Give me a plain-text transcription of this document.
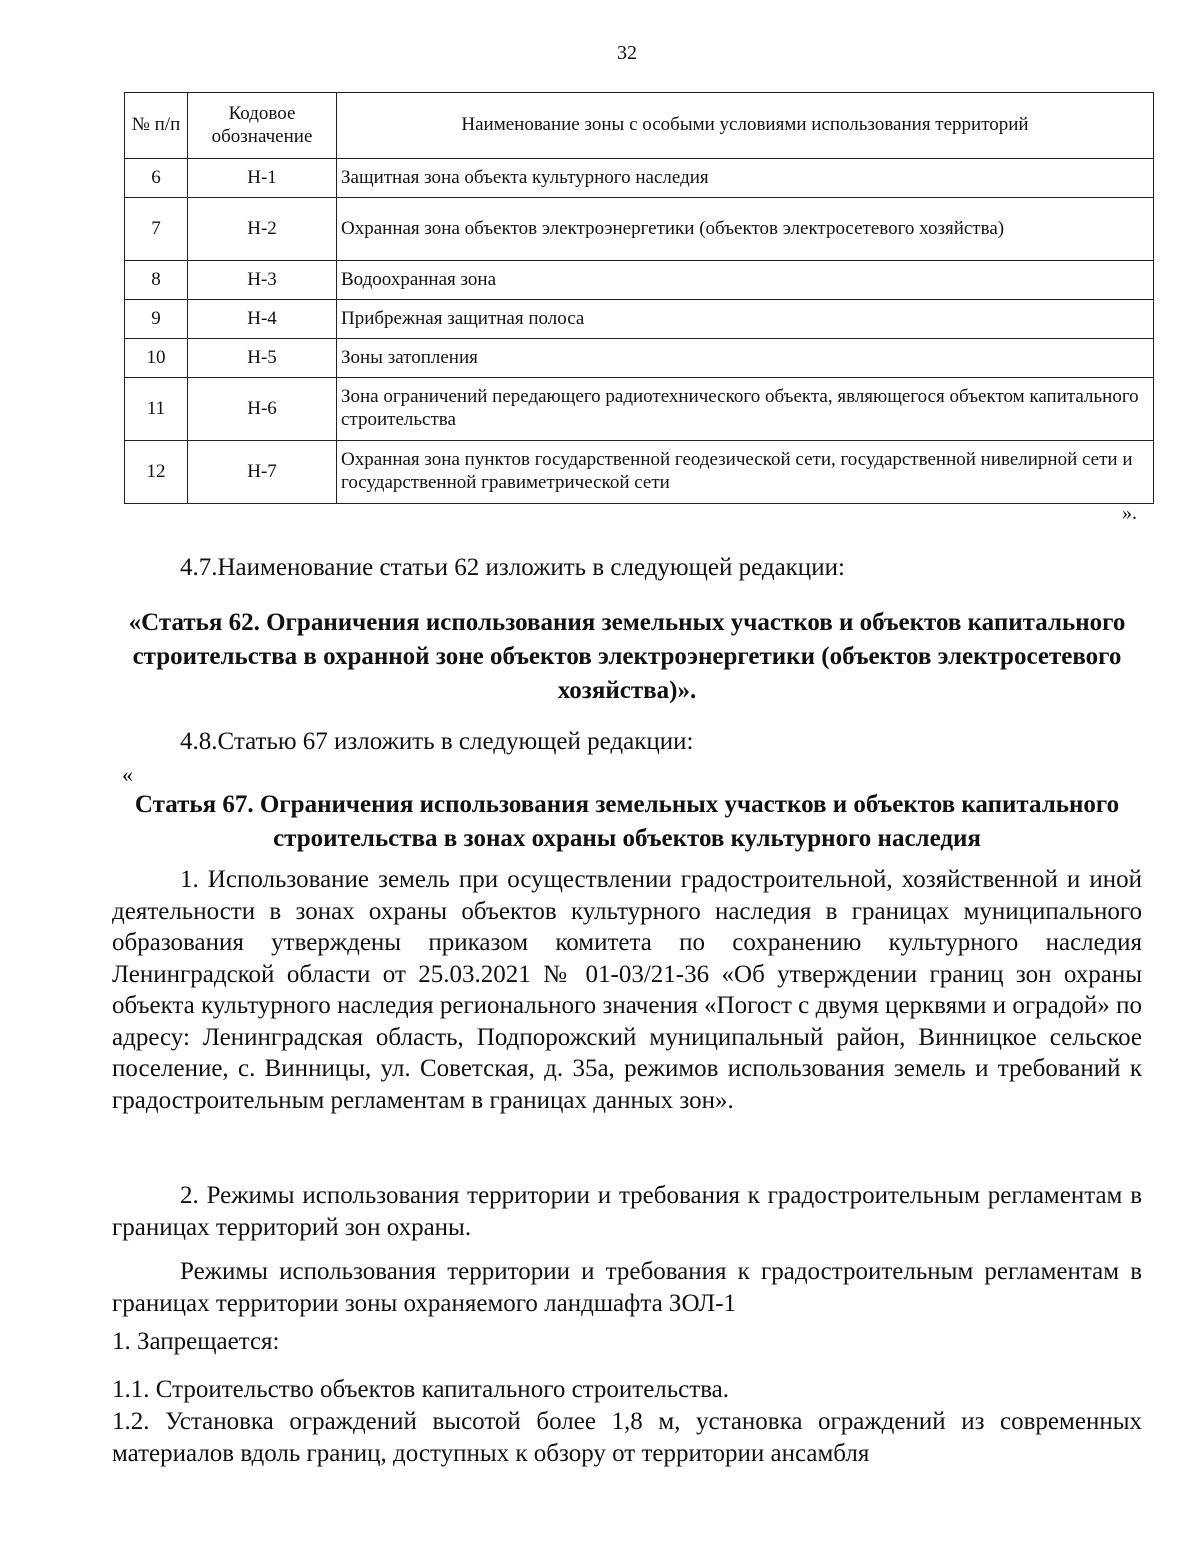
32
№ п/п	Кодовое обозначение	Наименование зоны с особыми условиями использования территорий
6	Н-1	Защитная зона объекта культурного наследия
7	Н-2	Охранная зона объектов электроэнергетики (объектов электросетевого хозяйства)
8	Н-3	Водоохранная зона
9	Н-4	Прибрежная защитная полоса
10	Н-5	Зоны затопления
11	Н-6	Зона ограничений передающего радиотехнического объекта, являющегося объектом капитального строительства
12	Н-7	Охранная зона пунктов государственной геодезической сети, государственной нивелирной сети и государственной гравиметрической сети
».
4.7.Наименование статьи 62 изложить в следующей редакции:
«Статья 62. Ограничения использования земельных участков и объектов капитального строительства в охранной зоне объектов электроэнергетики (объектов электросетевого хозяйства)».
4.8.Статью 67 изложить в следующей редакции:
«
Статья 67. Ограничения использования земельных участков и объектов капитального строительства в зонах охраны объектов культурного наследия
1. Использование земель при осуществлении градостроительной, хозяйственной и иной деятельности в зонах охраны объектов культурного наследия в границах муниципального образования утверждены приказом комитета по сохранению культурного наследия Ленинградской области от 25.03.2021 № 01-03/21-36 «Об утверждении границ зон охраны объекта культурного наследия регионального значения «Погост с двумя церквями и оградой» по адресу: Ленинградская область, Подпорожский муниципальный район, Винницкое сельское поселение, с. Винницы, ул. Советская, д. 35а, режимов использования земель и требований к градостроительным регламентам в границах данных зон».
2. Режимы использования территории и требования к градостроительным регламентам в границах территорий зон охраны.
Режимы использования территории и требования к градостроительным регламентам в границах территории зоны охраняемого ландшафта ЗОЛ-1
1. Запрещается:
1.1. Строительство объектов капитального строительства.
1.2. Установка ограждений высотой более 1,8 м, установка ограждений из современных материалов вдоль границ, доступных к обзору от территории ансамбля
